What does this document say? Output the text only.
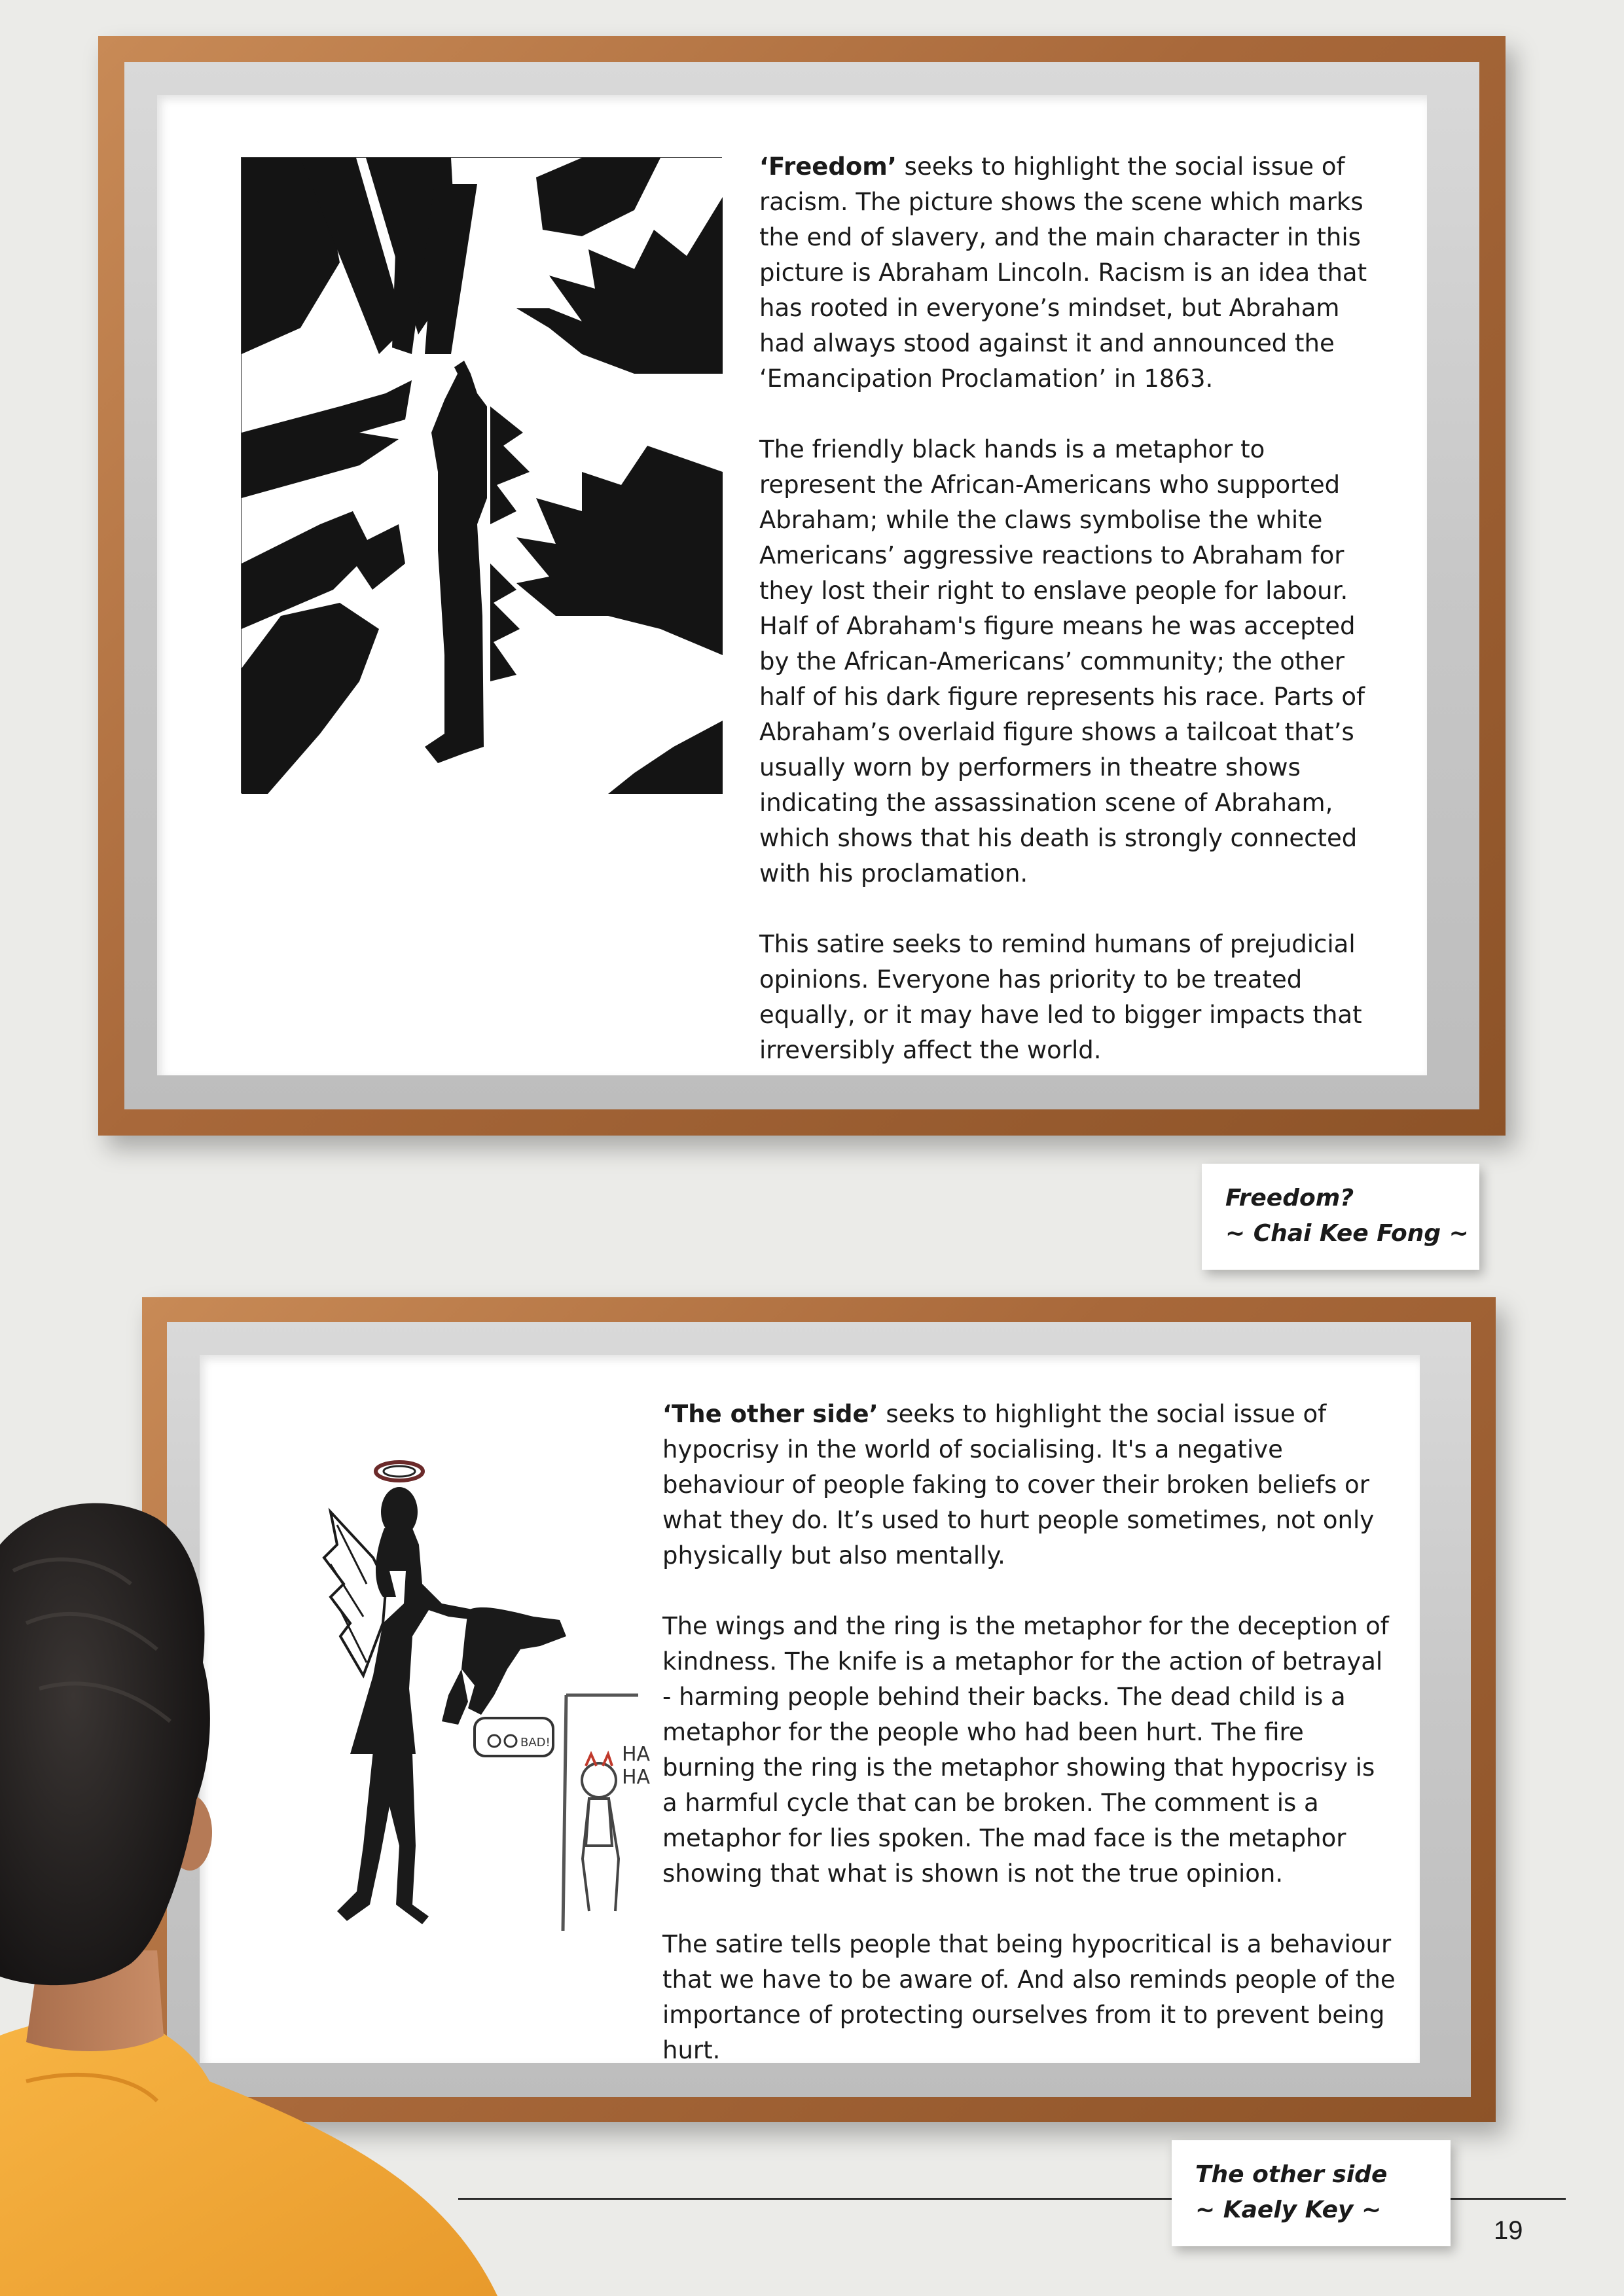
‘Freedom’ seeks to highlight the social issue of racism. The picture shows the scene which marks the end of slavery, and the main character in this picture is Abraham Lincoln. Racism is an idea that has rooted in everyone’s mindset, but Abraham had always stood against it and announced the ‘Emancipation Proclamation’ in 1863.

The friendly black hands is a metaphor to represent the African-Americans who supported Abraham; while the claws symbolise the white Americans’ aggressive reactions to Abraham for they lost their right to enslave people for labour. Half of Abraham's figure means he was accepted by the African-Americans’ community; the other half of his dark figure represents his race. Parts of Abraham’s overlaid figure shows a tailcoat that’s usually worn by performers in theatre shows indicating the assassination scene of Abraham, which shows that his death is strongly connected with his proclamation.

This satire seeks to remind humans of prejudicial opinions. Everyone has priority to be treated equally, or it may have led to bigger impacts that irreversibly affect the world.

Freedom?
~ Chai Kee Fong ~
BAD!
HA
HA

‘The other side’ seeks to highlight the social issue of hypocrisy in the world of socialising. It's a negative behaviour of people faking to cover their broken beliefs or what they do. It’s used to hurt people sometimes, not only physically but also mentally.

The wings and the ring is the metaphor for the deception of kindness. The knife is a metaphor for the action of betrayal - harming people behind their backs. The dead child is a metaphor for the people who had been hurt. The fire burning the ring is the metaphor showing that hypocrisy is a harmful cycle that can be broken. The comment is a metaphor for lies spoken. The mad face is the metaphor showing that what is shown is not the true opinion.

The satire tells people that being hypocritical is a behaviour that we have to be aware of. And also reminds people of the importance of protecting ourselves from it to prevent being hurt.

The other side
~ Kaely Key ~
19
